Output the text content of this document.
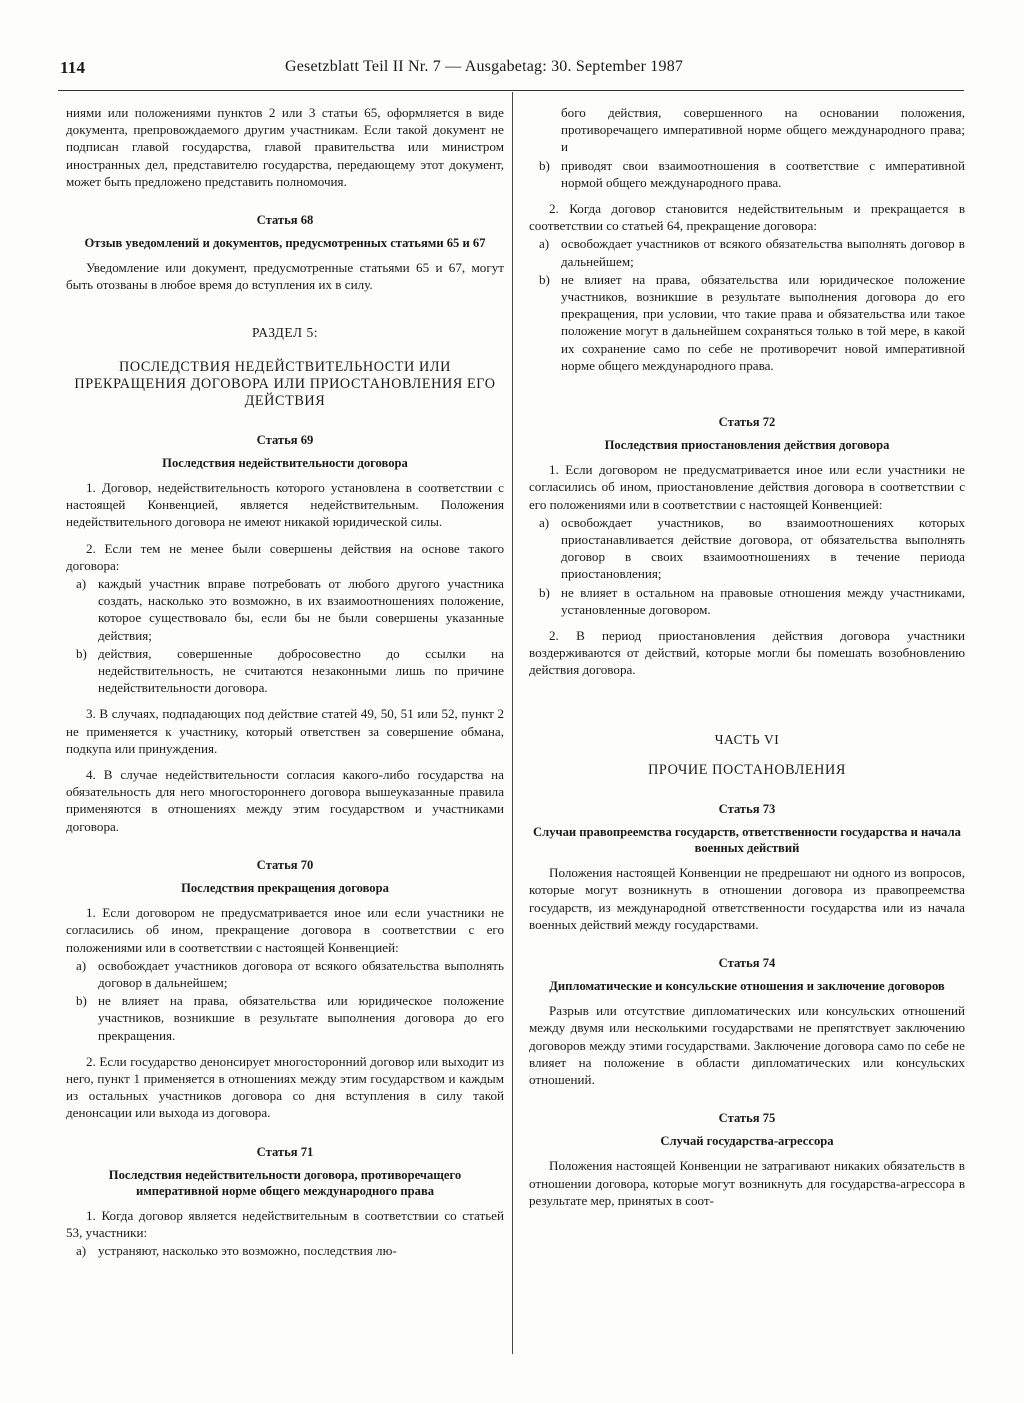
114	Gesetzblatt Teil II Nr. 7 — Ausgabetag: 30. September 1987

ниями или положениями пунктов 2 или 3 статьи 65, оформляется в виде документа, препровождаемого другим участникам. Если такой документ не подписан главой государства, главой правительства или министром иностранных дел, представителю государства, передающему этот документ, может быть предложено представить полномочия.

Статья 68
Отзыв уведомлений и документов, предусмотренных статьями 65 и 67

Уведомление или документ, предусмотренные статьями 65 и 67, могут быть отозваны в любое время до вступления их в силу.

РАЗДЕЛ 5:
ПОСЛЕДСТВИЯ НЕДЕЙСТВИТЕЛЬНОСТИ ИЛИ ПРЕКРАЩЕНИЯ ДОГОВОРА ИЛИ ПРИОСТАНОВЛЕНИЯ ЕГО ДЕЙСТВИЯ
Статья 69
Последствия недействительности договора

1. Договор, недействительность которого установлена в соответствии с настоящей Конвенцией, является недействительным. Положения недействительного договора не имеют никакой юридической силы.

2. Если тем не менее были совершены действия на основе такого договора:

a) каждый участник вправе потребовать от любого другого участника создать, насколько это возможно, в их взаимоотношениях положение, которое существовало бы, если бы не были совершены указанные действия;
b) действия, совершенные добросовестно до ссылки на недействительность, не считаются незаконными лишь по причине недействительности договора.

3. В случаях, подпадающих под действие статей 49, 50, 51 или 52, пункт 2 не применяется к участнику, который ответствен за совершение обмана, подкупа или принуждения.

4. В случае недействительности согласия какого-либо государства на обязательность для него многостороннего договора вышеуказанные правила применяются в отношениях между этим государством и участниками договора.

Статья 70
Последствия прекращения договора

1. Если договором не предусматривается иное или если участники не согласились об ином, прекращение договора в соответствии с его положениями или в соответствии с настоящей Конвенцией:

a) освобождает участников договора от всякого обязательства выполнять договор в дальнейшем;
b) не влияет на права, обязательства или юридическое положение участников, возникшие в результате выполнения договора до его прекращения.

2. Если государство денонсирует многосторонний договор или выходит из него, пункт 1 применяется в отношениях между этим государством и каждым из остальных участников договора со дня вступления в силу такой денонсации или выхода из договора.

Статья 71
Последствия недействительности договора, противоречащего императивной норме общего международного права

1. Когда договор является недействительным в соответствии со статьей 53, участники:

a) устраняют, насколько это возможно, последствия лю-
бого действия, совершенного на основании положения, противоречащего императивной норме общего международного права; и
b) приводят свои взаимоотношения в соответствие с императивной нормой общего международного права.

2. Когда договор становится недействительным и прекращается в соответствии со статьей 64, прекращение договора:

a) освобождает участников от всякого обязательства выполнять договор в дальнейшем;
b) не влияет на права, обязательства или юридическое положение участников, возникшие в результате выполнения договора до его прекращения, при условии, что такие права и обязательства или такое положение могут в дальнейшем сохраняться только в той мере, в какой их сохранение само по себе не противоречит новой императивной норме общего международного права.
Статья 72
Последствия приостановления действия договора

1. Если договором не предусматривается иное или если участники не согласились об ином, приостановление действия договора в соответствии с его положениями или в соответствии с настоящей Конвенцией:

a) освобождает участников, во взаимоотношениях которых приостанавливается действие договора, от обязательства выполнять договор в своих взаимоотношениях в течение периода приостановления;
b) не влияет в остальном на правовые отношения между участниками, установленные договором.

2. В период приостановления действия договора участники воздерживаются от действий, которые могли бы помешать возобновлению действия договора.

ЧАСТЬ VI
ПРОЧИЕ ПОСТАНОВЛЕНИЯ
Статья 73
Случаи правопреемства государств, ответственности государства и начала военных действий

Положения настоящей Конвенции не предрешают ни одного из вопросов, которые могут возникнуть в отношении договора из правопреемства государств, из международной ответственности государства или из начала военных действий между государствами.

Статья 74
Дипломатические и консульские отношения и заключение договоров

Разрыв или отсутствие дипломатических или консульских отношений между двумя или несколькими государствами не препятствует заключению договоров между этими государствами. Заключение договора само по себе не влияет на положение в области дипломатических или консульских отношений.

Статья 75
Случай государства-агрессора

Положения настоящей Конвенции не затрагивают никаких обязательств в отношении договора, которые могут возникнуть для государства-агрессора в результате мер, принятых в соот-
